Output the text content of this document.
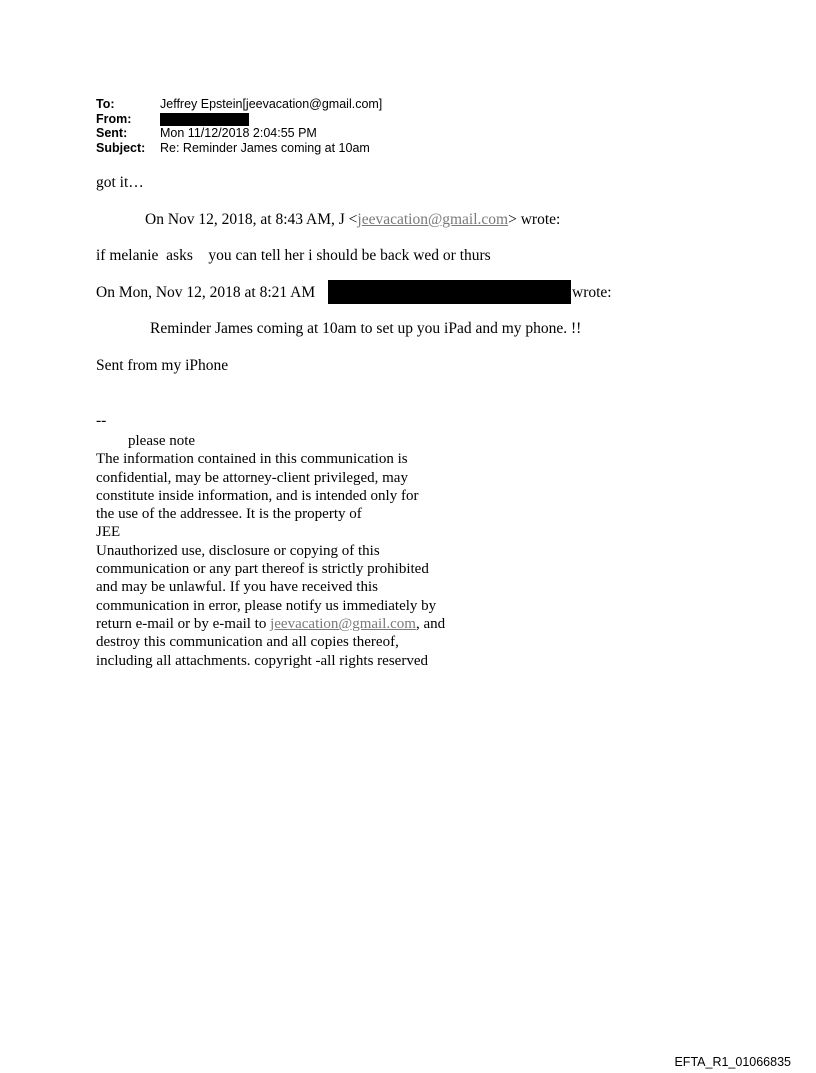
To:	Jeffrey Epstein[jeevacation@gmail.com]
From:
Sent:	Mon 11/12/2018 2:04:55 PM
Subject:	Re: Reminder James coming at 10am
got it…
On Nov 12, 2018, at 8:43 AM, J <jeevacation@gmail.com> wrote:
if melanie  asks    you can tell her i should be back wed or thurs
On Mon, Nov 12, 2018 at 8:21 AM	wrote:
Reminder James coming at 10am to set up you iPad and my phone. !!
Sent from my iPhone
--
please note
The information contained in this communication is
confidential, may be attorney-client privileged, may
constitute inside information, and is intended only for
the use of the addressee. It is the property of
JEE
Unauthorized use, disclosure or copying of this
communication or any part thereof is strictly prohibited
and may be unlawful. If you have received this
communication in error, please notify us immediately by
return e-mail or by e-mail to jeevacation@gmail.com, and
destroy this communication and all copies thereof,
including all attachments. copyright -all rights reserved
EFTA_R1_01066835
